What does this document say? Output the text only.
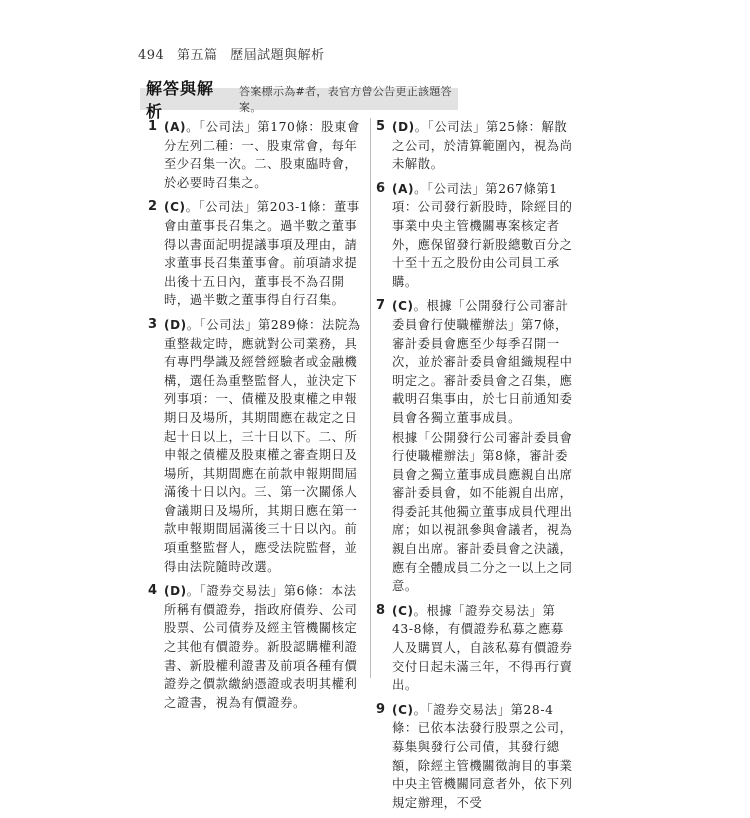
494 第五篇 歷屆試題與解析
解答與解析
答案標示為#者，表官方曾公告更正該題答案。
1 (A)。「公司法」第170條：股東會分左列二種：一、股東常會，每年至少召集一次。二、股東臨時會，於必要時召集之。
2 (C)。「公司法」第203-1條：董事會由董事長召集之。過半數之董事得以書面記明提議事項及理由，請求董事長召集董事會。前項請求提出後十五日內，董事長不為召開時，過半數之董事得自行召集。
3 (D)。「公司法」第289條：法院為重整裁定時，應就對公司業務，具有專門學識及經營經驗者或金融機構，選任為重整監督人，並決定下列事項：一、債權及股東權之申報期日及場所，其期間應在裁定之日起十日以上，三十日以下。二、所申報之債權及股東權之審查期日及場所，其期間應在前款申報期間屆滿後十日以內。三、第一次關係人會議期日及場所，其期日應在第一款申報期間屆滿後三十日以內。前項重整監督人，應受法院監督，並得由法院隨時改選。
4 (D)。「證券交易法」第6條：本法所稱有價證券，指政府債券、公司股票、公司債券及經主管機關核定之其他有價證券。新股認購權利證書、新股權利證書及前項各種有價證券之價款繳納憑證或表明其權利之證書，視為有價證券。
5 (D)。「公司法」第25條：解散之公司，於清算範圍內，視為尚未解散。
6 (A)。「公司法」第267條第1項：公司發行新股時，除經目的事業中央主管機關專案核定者外，應保留發行新股總數百分之十至十五之股份由公司員工承購。
7 (C)。根據「公開發行公司審計委員會行使職權辦法」第7條，審計委員會應至少每季召開一次，並於審計委員會組織規程中明定之。審計委員會之召集，應載明召集事由，於七日前通知委員會各獨立董事成員。
根據「公開發行公司審計委員會行使職權辦法」第8條，審計委員會之獨立董事成員應親自出席審計委員會，如不能親自出席，得委託其他獨立董事成員代理出席；如以視訊參與會議者，視為親自出席。審計委員會之決議，應有全體成員二分之一以上之同意。
8 (C)。根據「證券交易法」第43-8條，有價證券私募之應募人及購買人，自該私募有價證券交付日起未滿三年，不得再行賣出。
9 (C)。「證券交易法」第28-4條：已依本法發行股票之公司，募集與發行公司債，其發行總額，除經主管機關徵詢目的事業中央主管機關同意者外，依下列規定辦理，不受
